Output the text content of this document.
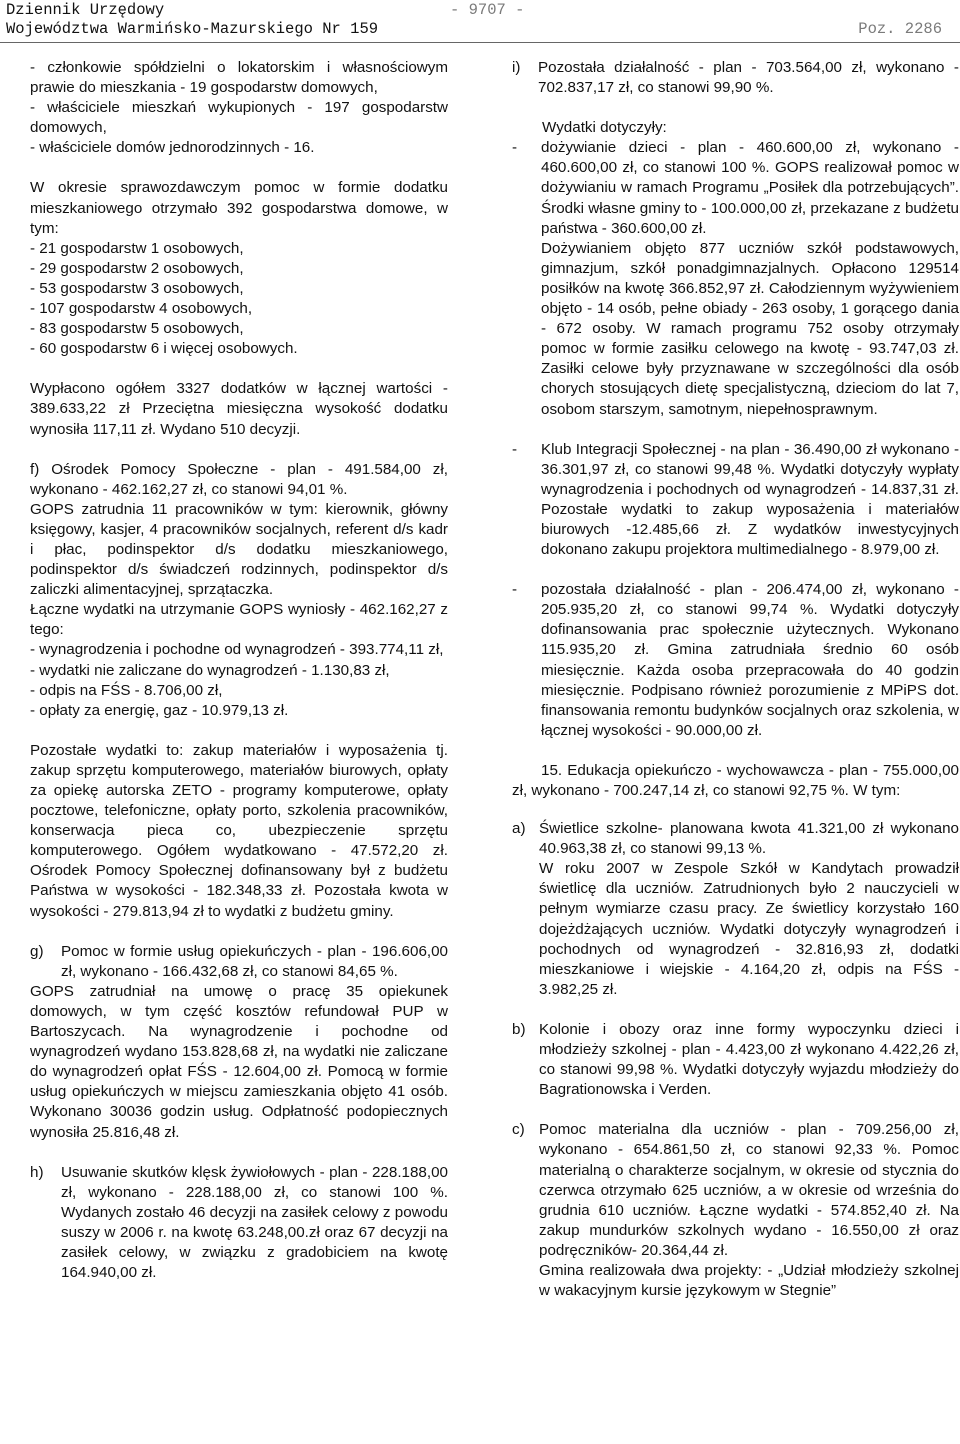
Dziennik Urzędowy
Województwa Warmińsko-Mazurskiego Nr 159
- 9707 -
Poz. 2286

- członkowie spółdzielni o lokatorskim i własnościowym prawie do mieszkania - 19 gospodarstw domowych,

- właściciele mieszkań wykupionych - 197 gospodarstw domowych,

- właściciele domów jednorodzinnych - 16.

W okresie sprawozdawczym pomoc w formie dodatku mieszkaniowego otrzymało 392 gospodarstwa domowe, w tym:

- 21 gospodarstw 1 osobowych,

- 29 gospodarstw 2 osobowych,

- 53 gospodarstw 3 osobowych,

- 107 gospodarstw 4 osobowych,

- 83 gospodarstw 5 osobowych,

- 60 gospodarstw 6 i więcej osobowych.

Wypłacono ogółem 3327 dodatków w łącznej wartości - 389.633,22 zł Przeciętna miesięczna wysokość dodatku wynosiła 117,11 zł. Wydano 510 decyzji.

f) Ośrodek Pomocy Społeczne - plan - 491.584,00 zł, wykonano - 462.162,27 zł, co stanowi 94,01 %.

GOPS zatrudnia 11 pracowników w tym: kierownik, główny księgowy, kasjer, 4 pracowników socjalnych, referent d/s kadr i płac, podinspektor d/s dodatku mieszkaniowego, podinspektor d/s świadczeń rodzinnych, podinspektor d/s zaliczki alimentacyjnej, sprzątaczka.

Łączne wydatki na utrzymanie GOPS wyniosły - 462.162,27 z tego:

- wynagrodzenia i pochodne od wynagrodzeń - 393.774,11 zł,

- wydatki nie zaliczane do wynagrodzeń - 1.130,83 zł,

- odpis na FŚS - 8.706,00 zł,

- opłaty za energię, gaz - 10.979,13 zł.

Pozostałe wydatki to: zakup materiałów i wyposażenia tj. zakup sprzętu komputerowego, materiałów biurowych, opłaty za opiekę autorska ZETO - programy komputerowe, opłaty pocztowe, telefoniczne, opłaty porto, szkolenia pracowników, konserwacja pieca co, ubezpieczenie sprzętu komputerowego. Ogółem wydatkowano - 47.572,20 zł. Ośrodek Pomocy Społecznej dofinansowany był z budżetu Państwa w wysokości - 182.348,33 zł. Pozostała kwota w wysokości - 279.813,94 zł to wydatki z budżetu gminy.

g)	Pomoc w formie usług opiekuńczych - plan - 196.606,00 zł, wykonano - 166.432,68 zł, co stanowi 84,65 %.

GOPS zatrudniał na umowę o pracę 35 opiekunek domowych, w tym część kosztów refundował PUP w Bartoszycach. Na wynagrodzenie i pochodne od wynagrodzeń wydano 153.828,68 zł, na wydatki nie zaliczane do wynagrodzeń opłat FŚS - 12.604,00 zł. Pomocą w formie usług opiekuńczych w miejscu zamieszkania objęto 41 osób. Wykonano 30036 godzin usług. Odpłatność podopiecznych wynosiła 25.816,48 zł.

h)	Usuwanie skutków klęsk żywiołowych - plan - 228.188,00 zł, wykonano - 228.188,00 zł, co stanowi 100 %. Wydanych zostało 46 decyzji na zasiłek celowy z powodu suszy w 2006 r. na kwotę 63.248,00.zł oraz 67 decyzji na zasiłek celowy, w związku z gradobiciem na kwotę 164.940,00 zł.

i)	Pozostała działalność - plan - 703.564,00 zł, wykonano - 702.837,17 zł, co stanowi 99,90 %.

Wydatki dotyczyły:

-	dożywianie dzieci - plan - 460.600,00 zł, wykonano - 460.600,00 zł, co stanowi 100 %. GOPS realizował pomoc w dożywianiu w ramach Programu „Posiłek dla potrzebujących”. Środki własne gminy to - 100.000,00 zł, przekazane z budżetu państwa - 360.600,00 zł.

Dożywianiem objęto 877 uczniów szkół podstawowych, gimnazjum, szkół ponadgimnazjalnych. Opłacono 129514 posiłków na kwotę 366.852,97 zł. Całodziennym wyżywieniem objęto - 14 osób, pełne obiady - 263 osoby, 1 gorącego dania - 672 osoby. W ramach programu 752 osoby otrzymały pomoc w formie zasiłku celowego na kwotę - 93.747,03 zł. Zasiłki celowe były przyznawane w szczególności dla osób chorych stosujących dietę specjalistyczną, dzieciom do lat 7, osobom starszym, samotnym, niepełnosprawnym.

-	Klub Integracji Społecznej - na plan - 36.490,00 zł wykonano - 36.301,97 zł, co stanowi 99,48 %. Wydatki dotyczyły wypłaty wynagrodzenia i pochodnych od wynagrodzeń - 14.837,31 zł. Pozostałe wydatki to zakup wyposażenia i materiałów biurowych -12.485,66 zł. Z wydatków inwestycyjnych dokonano zakupu projektora multimedialnego - 8.979,00 zł.

-	pozostała działalność - plan - 206.474,00 zł, wykonano - 205.935,20 zł, co stanowi 99,74 %. Wydatki dotyczyły dofinansowania prac społecznie użytecznych. Wykonano 115.935,20 zł. Gmina zatrudniała średnio 60 osób miesięcznie. Każda osoba przepracowała do 40 godzin miesięcznie. Podpisano również porozumienie z MPiPS dot. finansowania remontu budynków socjalnych oraz szkolenia, w łącznej wysokości - 90.000,00 zł.

15. Edukacja opiekuńczo - wychowawcza - plan - 755.000,00 zł, wykonano - 700.247,14 zł, co stanowi 92,75 %. W tym:

a) Świetlice szkolne- planowana kwota 41.321,00 zł wykonano 40.963,38 zł, co stanowi 99,13 %.

W roku 2007 w Zespole Szkół w Kandytach prowadził świetlicę dla uczniów. Zatrudnionych było 2 nauczycieli w pełnym wymiarze czasu pracy. Ze świetlicy korzystało 160 dojeżdżających uczniów. Wydatki dotyczyły wynagrodzeń i pochodnych od wynagrodzeń - 32.816,93 zł, dodatki mieszkaniowe i wiejskie - 4.164,20 zł, odpis na FŚS - 3.982,25 zł.

b) Kolonie i obozy oraz inne formy wypoczynku dzieci i młodzieży szkolnej - plan - 4.423,00 zł wykonano 4.422,26 zł, co stanowi 99,98 %. Wydatki dotyczyły wyjazdu młodzieży do Bagrationowska i Verden.

c) Pomoc materialna dla uczniów - plan - 709.256,00 zł, wykonano - 654.861,50 zł, co stanowi 92,33 %. Pomoc materialną o charakterze socjalnym, w okresie od stycznia do czerwca otrzymało 625 uczniów, a w okresie od września do grudnia 610 uczniów. Łączne wydatki - 574.852,40 zł. Na zakup mundurków szkolnych wydano - 16.550,00 zł oraz podręczników- 20.364,44 zł.

Gmina realizowała dwa projekty: - „Udział młodzieży szkolnej w wakacyjnym kursie językowym w Stegnie”
